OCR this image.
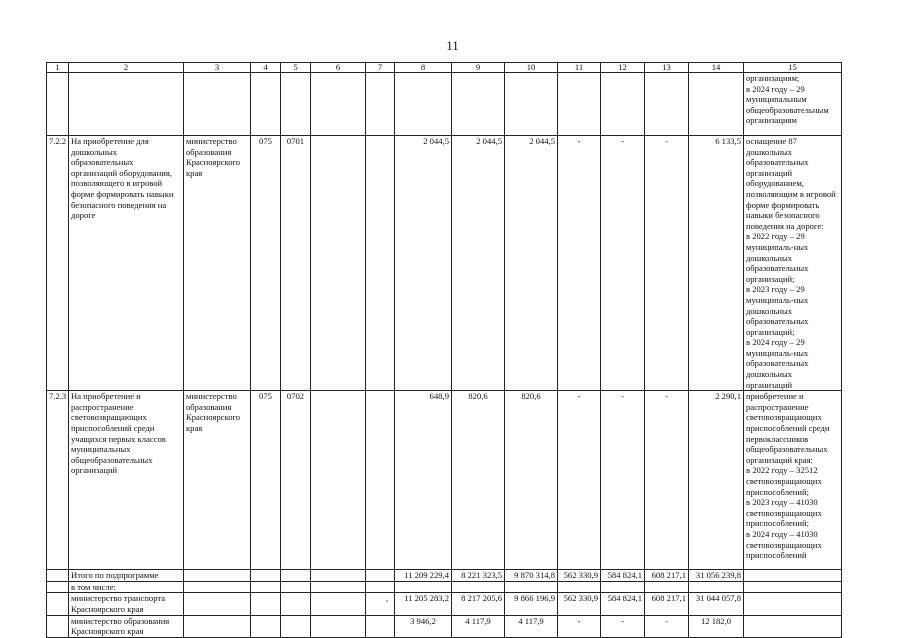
11
1	2	3	4	5	6	7	8	9	10	11	12	13	14	15
														организациям;
в 2024 году – 29 муниципальным общеобразовательным организациям
7.2.2	На приобретение для дошкольных образовательных организаций оборудования, позволяющего в игровой форме формировать навыки безопасного поведения на дороге	министерство образования Красноярского края	075	0701			2 044,5	2 044,5	2 044,5	-	-	-	6 133,5	оснащение 87 дошкольных образовательных организаций оборудованием, позволяющим в игровой форме формировать навыки безопасного поведения на дороге:
в 2022 году – 29 муниципаль-ных дошкольных образовательных организаций;
в 2023 году – 29 муниципаль-ных дошкольных образовательных организаций;
в 2024 году – 29 муниципаль-ных образовательных дошкольных организаций
7.2.3	На приобретение и распространение световозвращающих приспособлений среди учащихся первых классов муниципальных общеобразовательных организаций	министерство образования Красноярского края	075	0702			648,9	820,6	820,6	-	-	-	2 290,1	приобретение и распространение световозвращающих приспособлений среди первоклассников общеобразовательных организаций края:
в 2022 году – 32512 световозвращающих приспособлений;
в 2023 году – 41030 световозвращающих приспособлений;
в 2024 году – 41030 световозвращающих приспособлений
	Итого по подпрограмме						11 209 229,4	8 221 323,5	9 870 314,8	562 330,9	584 824,1	608 217,1	31 056 239,8	
	в том числе:													
	министерство транспорта Красноярского края						11 205 283,2	8 217 205,6	9 866 196,9	562 330,9	584 824,1	608 217,1	31 044 057,8	
	министерство образования Красноярского края						3 946,2	4 117,9	4 117,9	-	-	-	12 182,0	
